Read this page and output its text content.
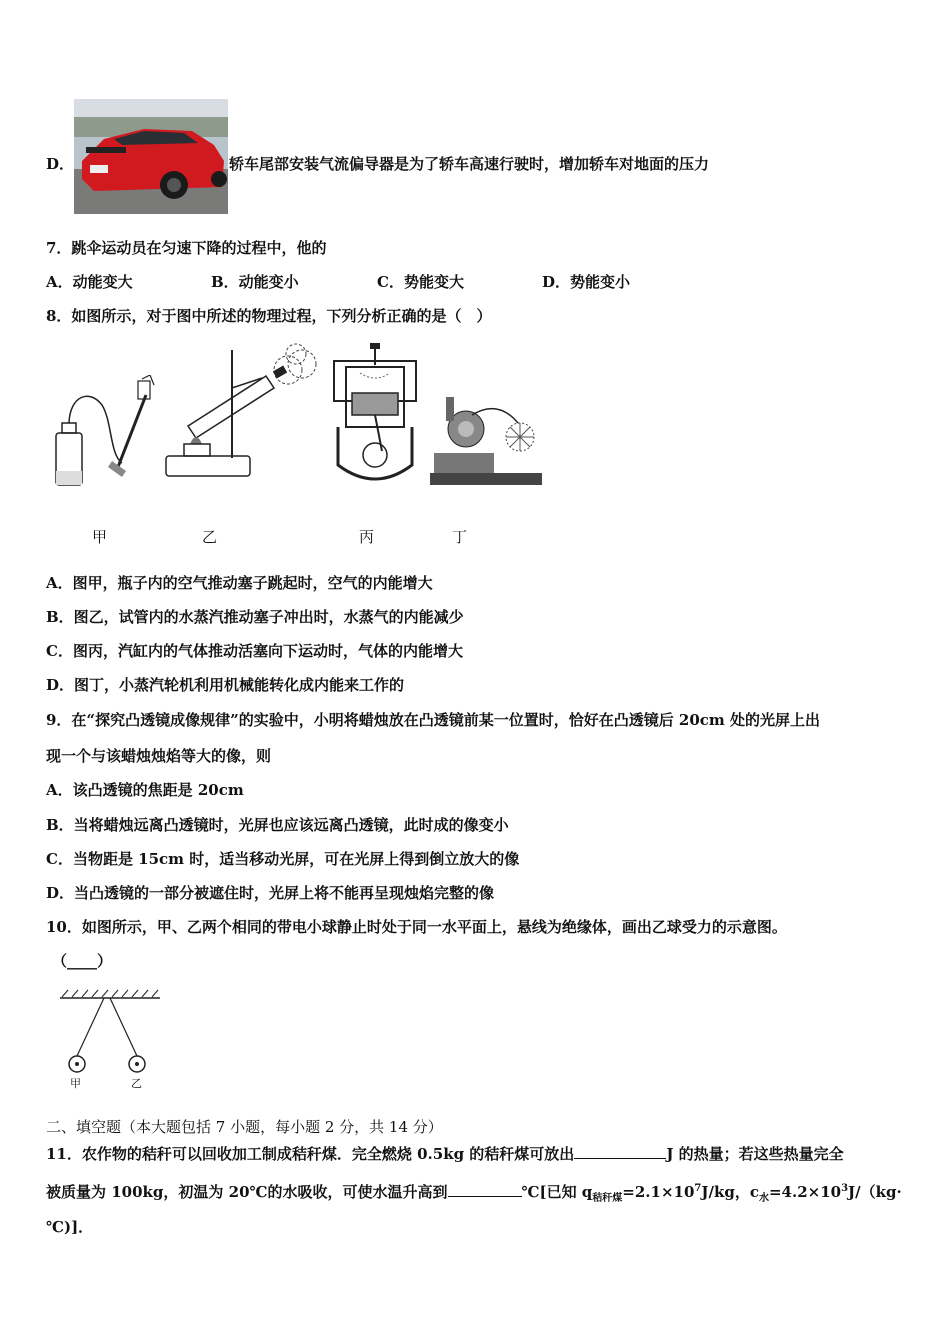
D．	轿车尾部安装气流偏导器是为了轿车高速行驶时，增加轿车对地面的压力
7．跳伞运动员在匀速下降的过程中，他的
A．动能变大	B．动能变小	C．势能变大	D．势能变小
8．如图所示，对于图中所述的物理过程，下列分析正确的是（　）
甲	乙	丙	丁
A．图甲，瓶子内的空气推动塞子跳起时，空气的内能增大
B．图乙，试管内的水蒸汽推动塞子冲出时，水蒸气的内能减少
C．图丙，汽缸内的气体推动活塞向下运动时，气体的内能增大
D．图丁，小蒸汽轮机利用机械能转化成内能来工作的
9．在“探究凸透镜成像规律”的实验中，小明将蜡烛放在凸透镜前某一位置时，恰好在凸透镜后 20cm 处的光屏上出
现一个与该蜡烛烛焰等大的像，则
A．该凸透镜的焦距是 20cm
B．当将蜡烛远离凸透镜时，光屏也应该远离凸透镜，此时成的像变小
C．当物距是 15cm 时，适当移动光屏，可在光屏上得到倒立放大的像
D．当凸透镜的一部分被遮住时，光屏上将不能再呈现烛焰完整的像
10．如图所示，甲、乙两个相同的带电小球静止时处于同一水平面上，悬线为绝缘体，画出乙球受力的示意图。
（____）
甲	乙
二、填空题（本大题包括 7 小题，每小题 2 分，共 14 分）
11．农作物的秸秆可以回收加工制成秸秆煤．完全燃烧 0.5kg 的秸秆煤可放出	J 的热量；若这些热量完全
被质量为 100kg，初温为 20℃的水吸收，可使水温升高到	℃[已知 $q_{秸秆煤}=2.1\times 10^7J/kg$，$c_水=4.2\times 10^3J/(kg\cdot$
℃)]．
